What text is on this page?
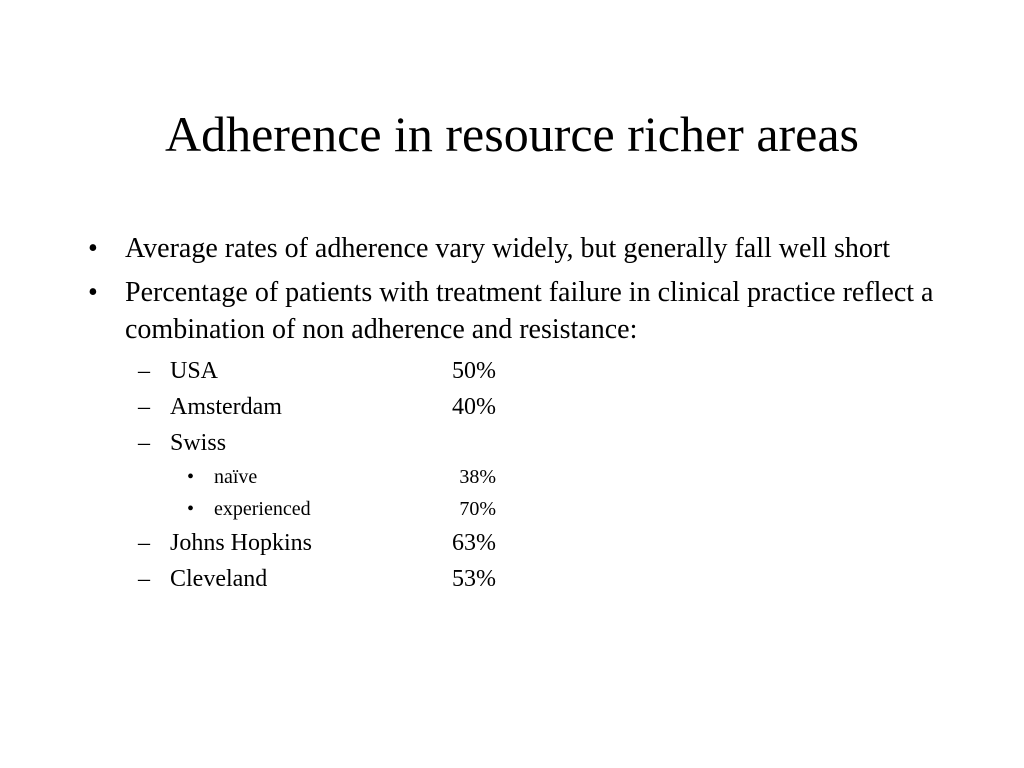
Adherence in resource richer areas
• Average rates of adherence vary widely, but generally fall well short
• Percentage of patients with treatment failure in clinical practice reflect a combination of non adherence and resistance:
– USA	50%
– Amsterdam	40%
– Swiss
• naïve	38%
• experienced	70%
– Johns Hopkins	63%
– Cleveland	53%
